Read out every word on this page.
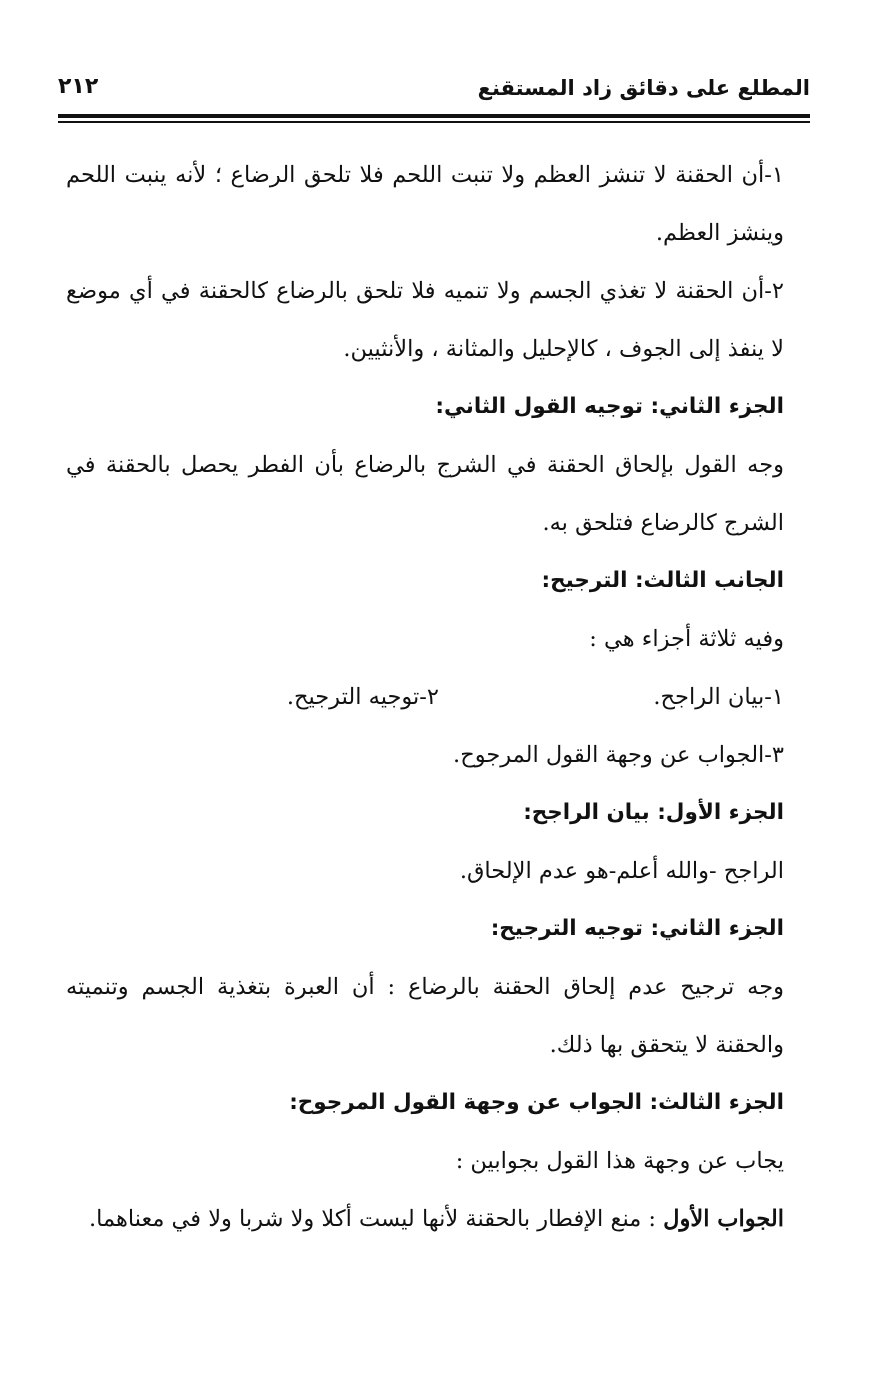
المطلع على دقائق زاد المستقنع
٢١٢

١-أن الحقنة لا تنشز العظم ولا تنبت اللحم فلا تلحق الرضاع ؛ لأنه ينبت اللحم وينشز العظم.

٢-أن الحقنة لا تغذي الجسم ولا تنميه فلا تلحق بالرضاع كالحقنة في أي موضع لا ينفذ إلى الجوف ، كالإحليل والمثانة ، والأنثيين.

الجزء الثاني: توجيه القول الثاني:

وجه القول بإلحاق الحقنة في الشرج بالرضاع بأن الفطر يحصل بالحقنة في الشرج كالرضاع فتلحق به.

الجانب الثالث: الترجيح:

وفيه ثلاثة أجزاء هي :

١-بيان الراجح.
٢-توجيه الترجيح.

٣-الجواب عن وجهة القول المرجوح.

الجزء الأول: بيان الراجح:

الراجح -والله أعلم-هو عدم الإلحاق.

الجزء الثاني: توجيه الترجيح:

وجه ترجيح عدم إلحاق الحقنة بالرضاع : أن العبرة بتغذية الجسم وتنميته والحقنة لا يتحقق بها ذلك.

الجزء الثالث: الجواب عن وجهة القول المرجوح:

يجاب عن وجهة هذا القول بجوابين :

الجواب الأول : منع الإفطار بالحقنة لأنها ليست أكلا ولا شربا ولا في معناهما.
